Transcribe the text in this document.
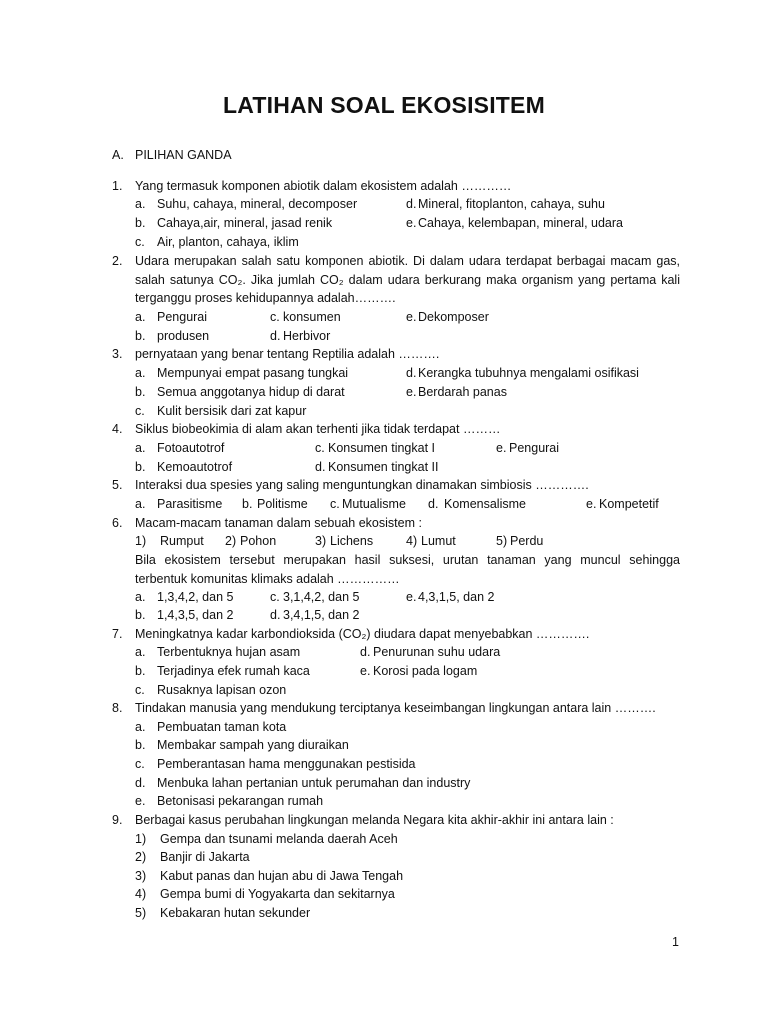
LATIHAN SOAL EKOSISITEM
A. PILIHAN GANDA
1. Yang termasuk komponen abiotik dalam ekosistem adalah …………
a. Suhu, cahaya, mineral, decomposer	d. Mineral, fitoplanton, cahaya, suhu
b. Cahaya,air, mineral, jasad renik	e. Cahaya, kelembapan, mineral, udara
c. Air, planton, cahaya, iklim
2. Udara merupakan salah satu komponen abiotik. Di dalam udara terdapat berbagai macam gas,
salah satunya CO₂. Jika jumlah CO₂ dalam udara berkurang maka organism yang pertama kali
terganggu proses kehidupannya adalah……….
a. Pengurai	c. konsumen	e. Dekomposer
b. produsen	d. Herbivor
3. pernyataan yang benar tentang Reptilia adalah ……….
a. Mempunyai empat pasang tungkai	d. Kerangka tubuhnya mengalami osifikasi
b. Semua anggotanya hidup di darat	e. Berdarah panas
c. Kulit bersisik dari zat kapur
4. Siklus biobeokimia di alam akan terhenti jika tidak terdapat ………
a. Fotoautotrof	c. Konsumen tingkat I	e. Pengurai
b. Kemoautotrof	d. Konsumen tingkat II
5. Interaksi dua spesies yang saling menguntungkan dinamakan simbiosis ………….
a. Parasitisme b. Politisme c. Mutualisme d. Komensalisme	e. Kompetetif
6. Macam-macam tanaman dalam sebuah ekosistem :
1) Rumput 2) Pohon	3) Lichens	4) Lumut	5) Perdu
Bila ekosistem tersebut merupakan hasil suksesi, urutan tanaman yang muncul sehingga
terbentuk komunitas klimaks adalah ……………
a. 1,3,4,2, dan 5	c. 3,1,4,2, dan 5	e. 4,3,1,5, dan 2
b. 1,4,3,5, dan 2	d. 3,4,1,5, dan 2
7. Meningkatnya kadar karbondioksida (CO₂) diudara dapat menyebabkan ………….
a. Terbentuknya hujan asam	d. Penurunan suhu udara
b. Terjadinya efek rumah kaca	e. Korosi pada logam
c. Rusaknya lapisan ozon
8. Tindakan manusia yang mendukung terciptanya keseimbangan lingkungan antara lain ……….
a. Pembuatan taman kota
b. Membakar sampah yang diuraikan
c. Pemberantasan hama menggunakan pestisida
d. Menbuka lahan pertanian untuk perumahan dan industry
e. Betonisasi pekarangan rumah
9. Berbagai kasus perubahan lingkungan melanda Negara kita akhir-akhir ini antara lain :
1) Gempa dan tsunami melanda daerah Aceh
2) Banjir di Jakarta
3) Kabut panas dan hujan abu di Jawa Tengah
4) Gempa bumi di Yogyakarta dan sekitarnya
5) Kebakaran hutan sekunder
1
